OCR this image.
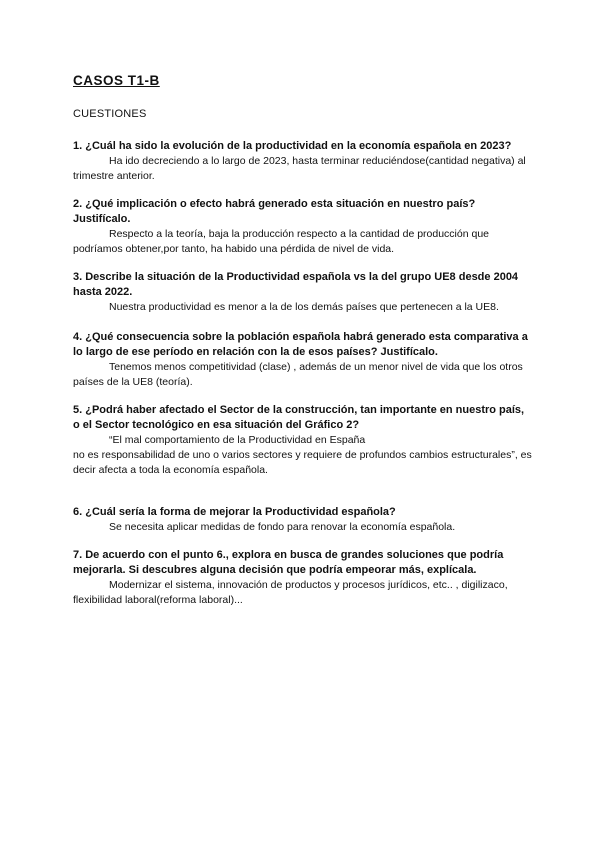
CASOS T1-B
CUESTIONES

1. ¿Cuál ha sido la evolución de la productividad en la economía española en 2023?

Ha ido decreciendo a lo largo de 2023, hasta terminar reduciéndose(cantidad negativa) al trimestre anterior.

2. ¿Qué implicación o efecto habrá generado esta situación en nuestro país? Justifícalo.

Respecto a la teoría, baja la producción respecto a la cantidad de producción que podríamos obtener,por tanto, ha habido una pérdida de nivel de vida.

3. Describe la situación de la Productividad española vs la del grupo UE8 desde 2004 hasta 2022.

Nuestra productividad es menor a la de los demás países que pertenecen a la UE8.

4. ¿Qué consecuencia sobre la población española habrá generado esta comparativa a lo largo de ese período en relación con la de esos países? Justifícalo.

Tenemos menos competitividad (clase) , además de un menor nivel de vida que los otros países de la UE8 (teoría).

5. ¿Podrá haber afectado el Sector de la construcción, tan importante en nuestro país, o el Sector tecnológico en esa situación del Gráfico 2?

“El mal comportamiento de la Productividad en España

no es responsabilidad de uno o varios sectores y requiere de profundos cambios estructurales”, es decir afecta a toda la economía española.

6. ¿Cuál sería la forma de mejorar la Productividad española?

Se necesita aplicar medidas de fondo para renovar la economía española.

7. De acuerdo con el punto 6., explora en busca de grandes soluciones que podría mejorarla. Si descubres alguna decisión que podría empeorar más, explícala.

Modernizar el sistema, innovación de productos y procesos jurídicos, etc.. , digilizaco, flexibilidad laboral(reforma laboral)...
